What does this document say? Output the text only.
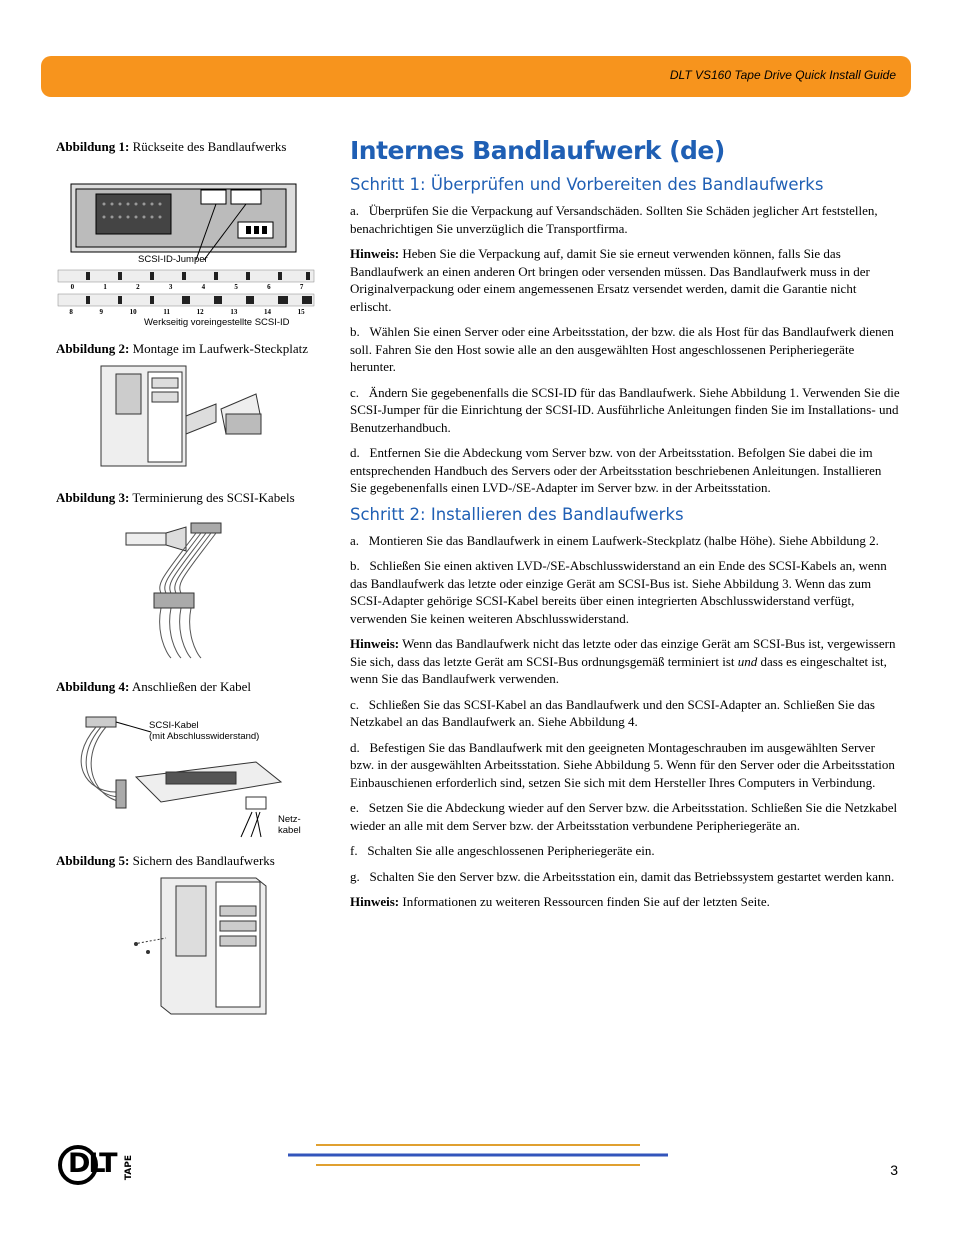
DLT VS160 Tape Drive Quick Install Guide

Abbildung 1: Rückseite des Bandlaufwerks

SCSI-ID-Jumper
0	1	2	3	4	5	6	7
8	9	10	11	12	13	14	15
Werkseitig voreingestellte SCSI-ID

Abbildung 2: Montage im Laufwerk-Steckplatz

Abbildung 3: Terminierung des SCSI-Kabels

Abbildung 4: Anschließen der Kabel

SCSI-Kabel
(mit Abschlusswiderstand)
Netz-
kabel

Abbildung 5: Sichern des Bandlaufwerks

Internes Bandlaufwerk (de)
Schritt 1: Überprüfen und Vorbereiten des Bandlaufwerks

a.   Überprüfen Sie die Verpackung auf Versandschäden. Sollten Sie Schäden jeglicher Art feststellen, benachrichtigen Sie unverzüglich die Transportfirma.

Hinweis: Heben Sie die Verpackung auf, damit Sie sie erneut verwenden können, falls Sie das Bandlaufwerk an einen anderen Ort bringen oder versenden müssen. Das Bandlaufwerk muss in der Originalverpackung oder einem angemessenen Ersatz versendet werden, damit die Garantie nicht erlischt.

b.   Wählen Sie einen Server oder eine Arbeitsstation, der bzw. die als Host für das Bandlaufwerk dienen soll. Fahren Sie den Host sowie alle an den ausgewählten Host angeschlossenen Peripheriegeräte herunter.

c.   Ändern Sie gegebenenfalls die SCSI-ID für das Bandlaufwerk. Siehe Abbildung 1. Verwenden Sie die SCSI-Jumper für die Einrichtung der SCSI-ID. Ausführliche Anleitungen finden Sie im Installations- und Benutzerhandbuch.

d.   Entfernen Sie die Abdeckung vom Server bzw. von der Arbeitsstation. Befolgen Sie dabei die im entsprechenden Handbuch des Servers oder der Arbeitsstation beschriebenen Anleitungen. Installieren Sie gegebenenfalls einen LVD-/SE-Adapter im Server bzw. in der Arbeitsstation.

Schritt 2: Installieren des Bandlaufwerks

a.   Montieren Sie das Bandlaufwerk in einem Laufwerk-Steckplatz (halbe Höhe). Siehe Abbildung 2.

b.   Schließen Sie einen aktiven LVD-/SE-Abschlusswiderstand an ein Ende des SCSI-Kabels an, wenn das Bandlaufwerk das letzte oder einzige Gerät am SCSI-Bus ist. Siehe Abbildung 3. Wenn das zum SCSI-Adapter gehörige SCSI-Kabel bereits über einen integrierten Abschlusswiderstand verfügt, verwenden Sie keinen weiteren Abschlusswiderstand.

Hinweis: Wenn das Bandlaufwerk nicht das letzte oder das einzige Gerät am SCSI-Bus ist, vergewissern Sie sich, dass das letzte Gerät am SCSI-Bus ordnungsgemäß terminiert ist und dass es eingeschaltet ist, wenn Sie das Bandlaufwerk verwenden.

c.   Schließen Sie das SCSI-Kabel an das Bandlaufwerk und den SCSI-Adapter an. Schließen Sie das Netzkabel an das Bandlaufwerk an. Siehe Abbildung 4.

d.   Befestigen Sie das Bandlaufwerk mit den geeigneten Montageschrauben im ausgewählten Server bzw. in der ausgewählten Arbeitsstation. Siehe Abbildung 5. Wenn für den Server oder die Arbeitsstation Einbauschienen erforderlich sind, setzen Sie sich mit dem Hersteller Ihres Computers in Verbindung.

e.   Setzen Sie die Abdeckung wieder auf den Server bzw. die Arbeitsstation. Schließen Sie die Netzkabel wieder an alle mit dem Server bzw. der Arbeitsstation verbundene Peripheriegeräte an.

f.   Schalten Sie alle angeschlossenen Peripheriegeräte ein.

g.   Schalten Sie den Server bzw. die Arbeitsstation ein, damit das Betriebssystem gestartet werden kann.

Hinweis: Informationen zu weiteren Ressourcen finden Sie auf der letzten Seite.

DLT TAPE	3
